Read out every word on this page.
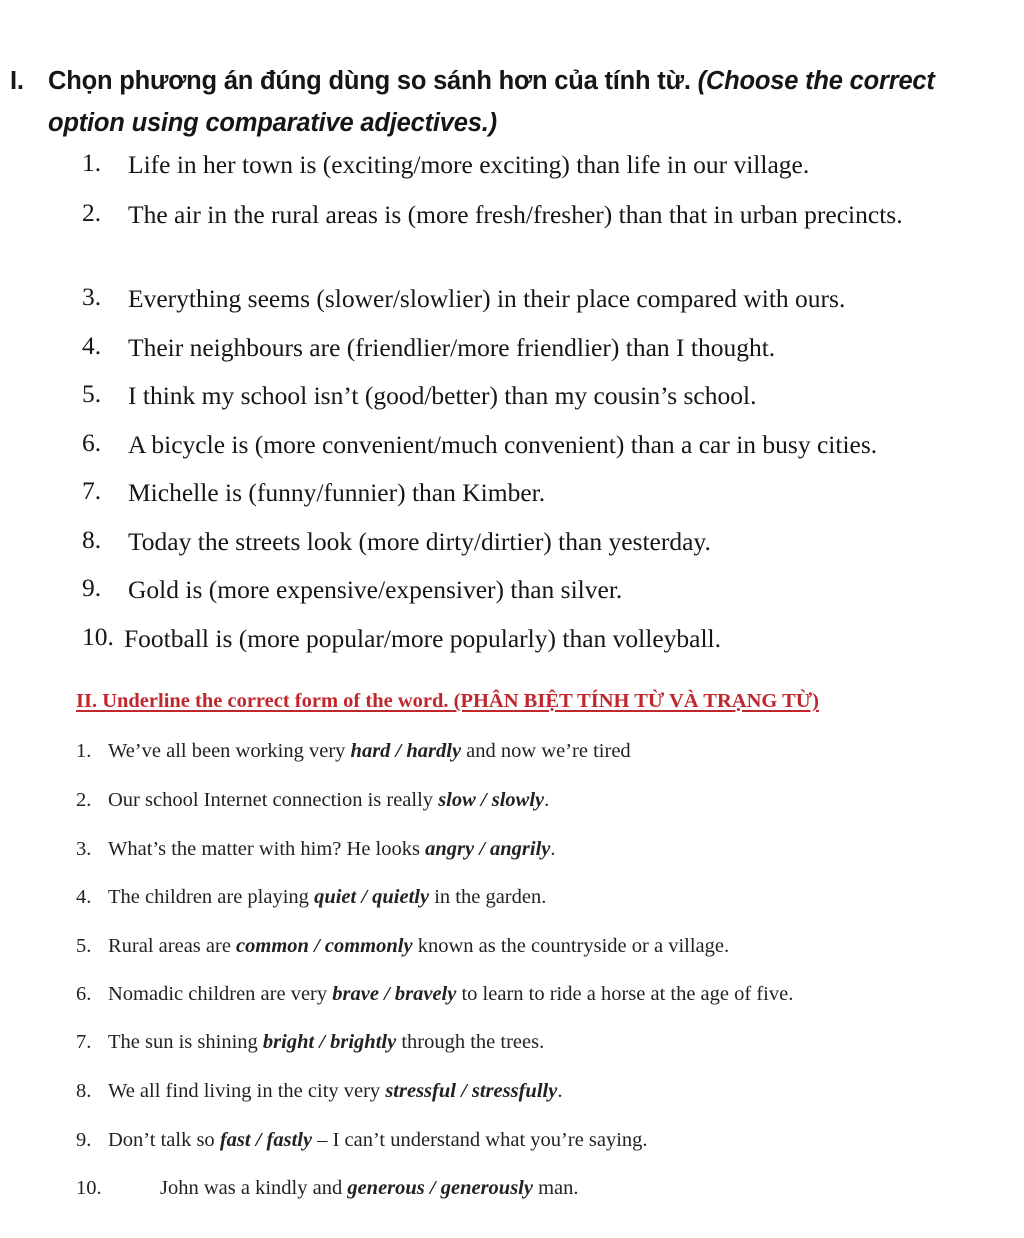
I. Chọn phương án đúng dùng so sánh hơn của tính từ. (Choose the correct
option using comparative adjectives.)
1. Life in her town is (exciting/more exciting) than life in our village.
2. The air in the rural areas is (more fresh/fresher) than that in urban precincts.
3. Everything seems (slower/slowlier) in their place compared with ours.
4. Their neighbours are (friendlier/more friendlier) than I thought.
5. I think my school isn’t (good/better) than my cousin’s school.
6. A bicycle is (more convenient/much convenient) than a car in busy cities.
7. Michelle is (funny/funnier) than Kimber.
8. Today the streets look (more dirty/dirtier) than yesterday.
9. Gold is (more expensive/expensiver) than silver.
10. Football is (more popular/more popularly) than volleyball.
II. Underline the correct form of the word. (PHÂN BIỆT TÍNH TỪ VÀ TRẠNG TỪ)
1. We’ve all been working very hard / hardly and now we’re tired
2. Our school Internet connection is really slow / slowly.
3. What’s the matter with him? He looks angry / angrily.
4. The children are playing quiet / quietly in the garden.
5. Rural areas are common / commonly known as the countryside or a village.
6. Nomadic children are very brave / bravely to learn to ride a horse at the age of five.
7. The sun is shining bright / brightly through the trees.
8. We all find living in the city very stressful / stressfully.
9. Don’t talk so fast / fastly – I can’t understand what you’re saying.
10.	John was a kindly and generous / generously man.
